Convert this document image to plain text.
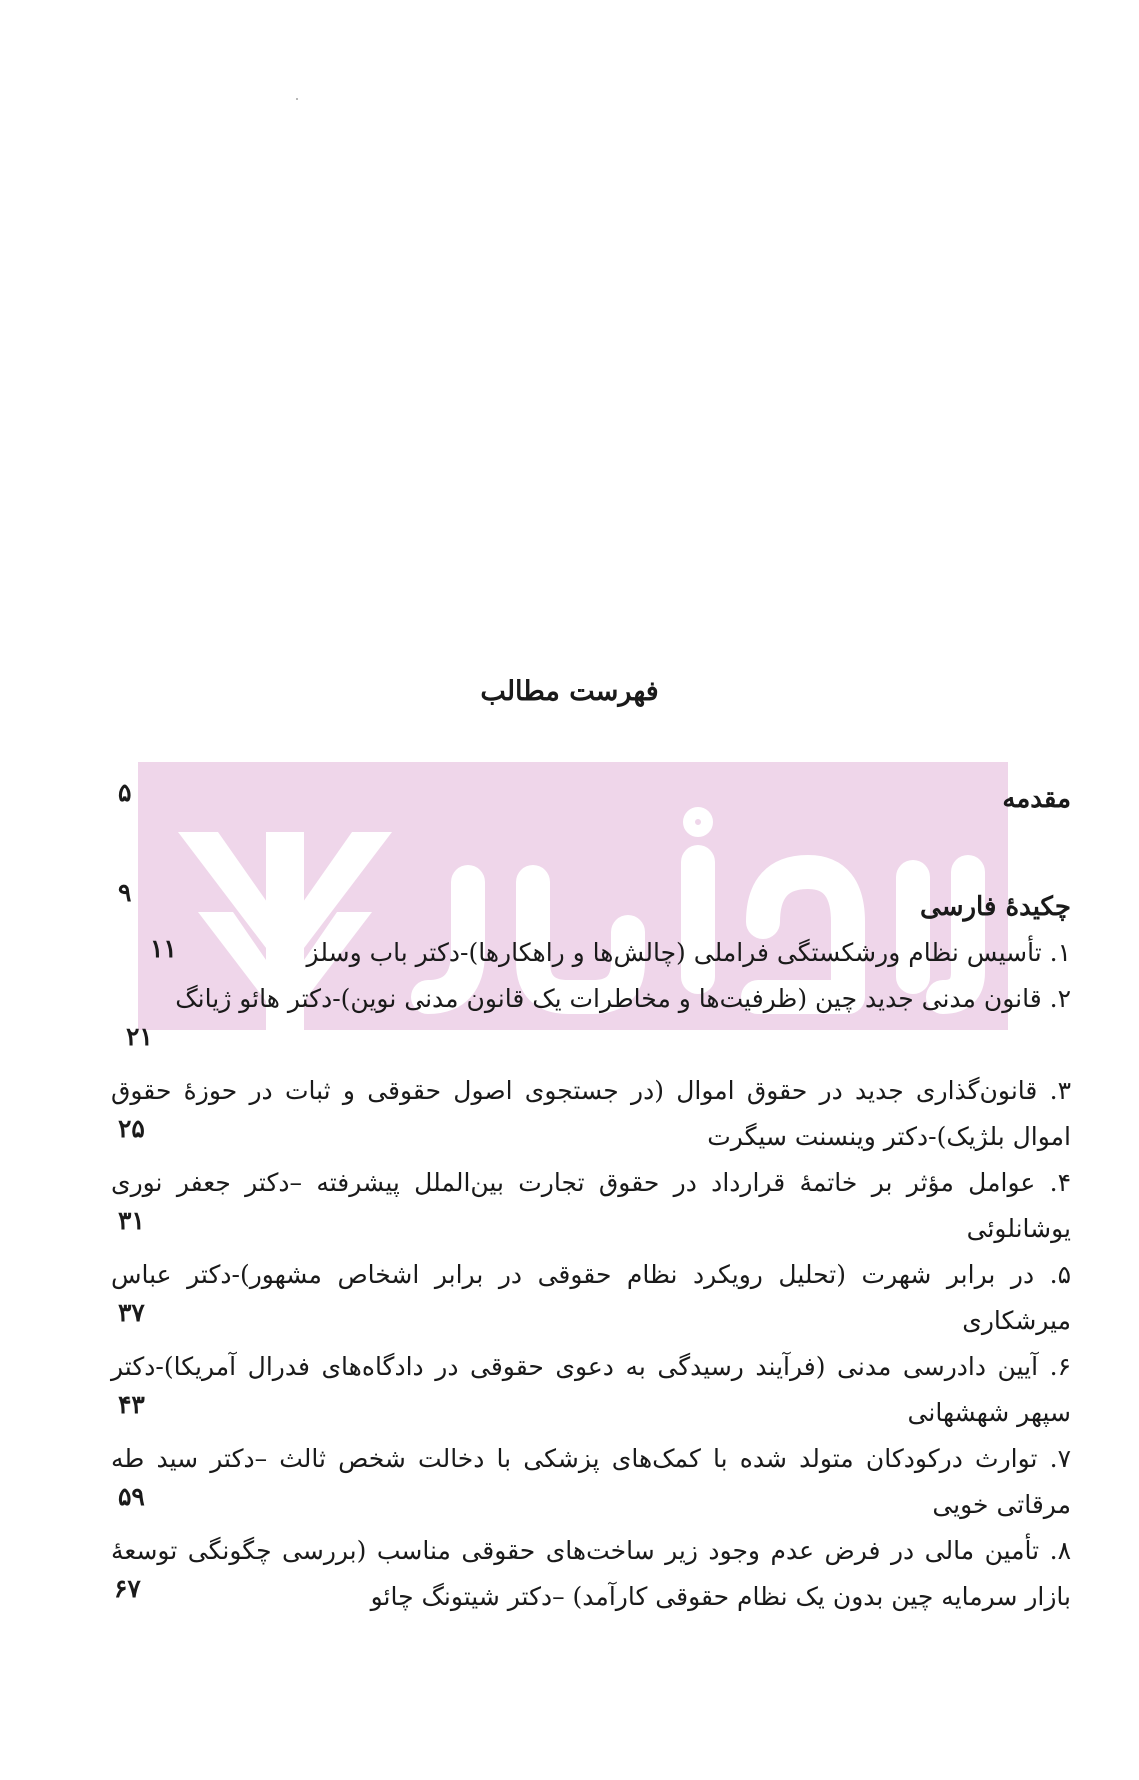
فهرست مطالب
مقدمه
۵
چکیدهٔ فارسی
۹
۱. تأسیس نظام ورشکستگی فراملی (چالش‌ها و راهکارها)-دکتر باب وسلز
۱۱
۲. قانون مدنی جدید چین (ظرفیت‌ها و مخاطرات یک قانون مدنی نوین)-دکتر هائو ژیانگ
۲۱
۳. قانون‌گذاری جدید در حقوق اموال (در جستجوی اصول حقوقی و ثبات در حوزهٔ حقوق اموال بلژیک)-دکتر وینسنت سیگرت
۲۵
۴. عوامل مؤثر بر خاتمهٔ قرارداد در حقوق تجارت بین‌الملل پیشرفته –دکتر جعفر نوری یوشانلوئی
۳۱
۵. در برابر شهرت (تحلیل رویکرد نظام حقوقی در برابر اشخاص مشهور)-دکتر عباس میرشکاری
۳۷
۶. آیین دادرسی مدنی (فرآیند رسیدگی به دعوی حقوقی در دادگاه‌های فدرال آمریکا)-دکتر سپهر شهشهانی
۴۳
۷. توارث درکودکان متولد شده با کمک‌های پزشکی با دخالت شخص ثالث –دکتر سید طه مرقاتی خویی
۵۹
۸. تأمین مالی در فرض عدم وجود زیر ساخت‌های حقوقی مناسب (بررسی چگونگی توسعهٔ بازار سرمایه چین بدون یک نظام حقوقی کارآمد) –دکتر شیتونگ چائو
۶۷
